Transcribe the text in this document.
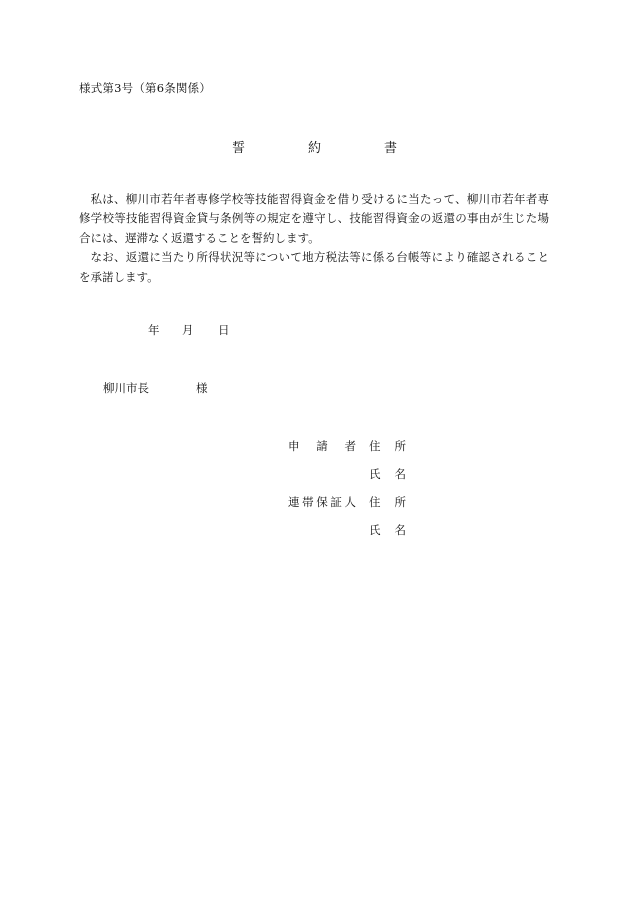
様式第3号（第6条関係）
誓	約	書

私は、柳川市若年者専修学校等技能習得資金を借り受けるに当たって、柳川市若年者専修学校等技能習得資金貸与条例等の規定を遵守し、技能習得資金の返還の事由が生じた場合には、遅滞なく返還することを誓約します。

なお、返還に当たり所得状況等について地方税法等に係る台帳等により確認されることを承諾します。

年 月 日
柳川市長	様
申 請 者 住 所
氏 名
連 帯 保 証 人 住 所
氏 名
